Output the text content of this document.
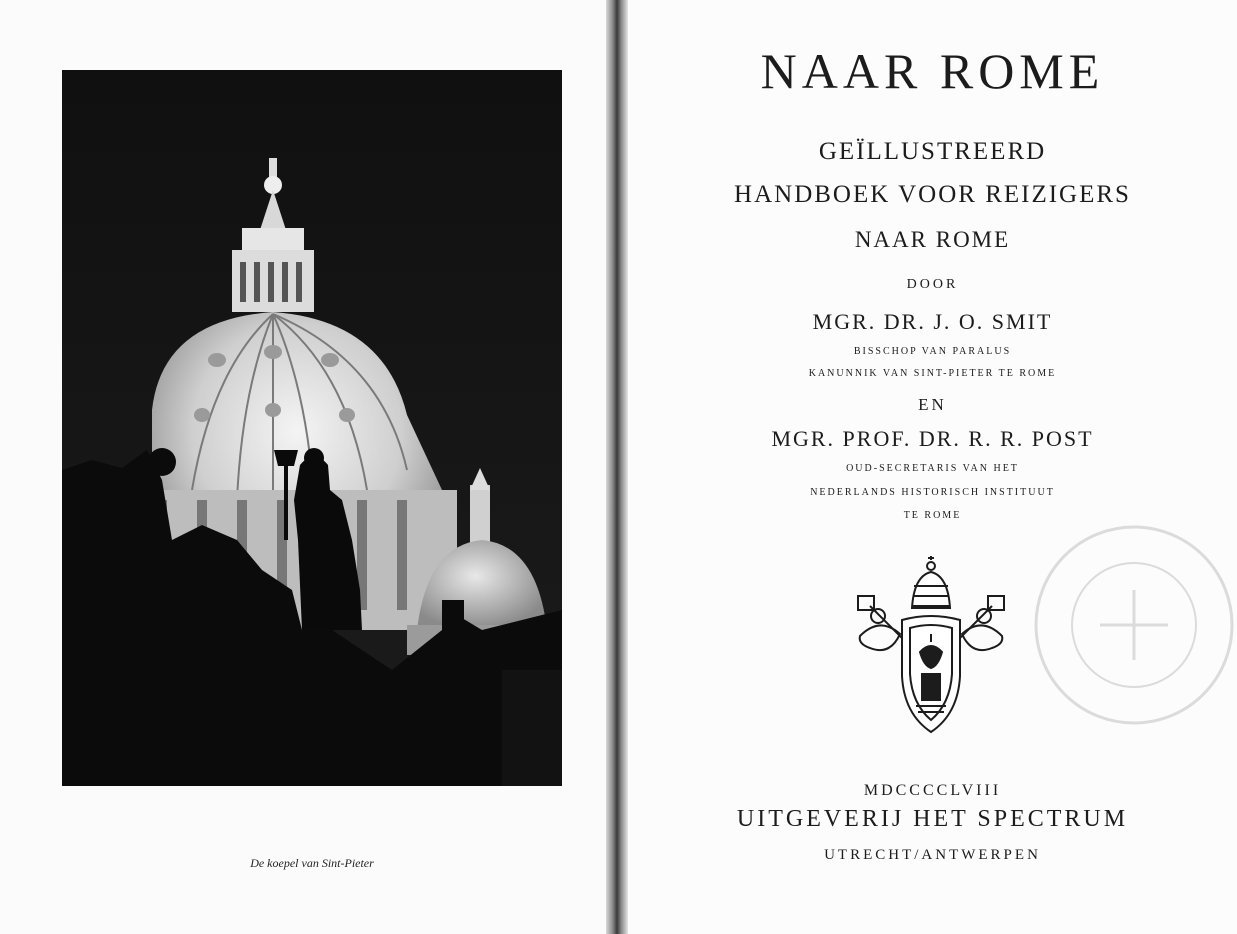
De koepel van Sint-Pieter
NAAR ROME
GEÏLLUSTREERD
HANDBOEK VOOR REIZIGERS
NAAR ROME
DOOR
MGR. DR. J. O. SMIT
BISSCHOP VAN PARALUS
KANUNNIK VAN SINT-PIETER TE ROME
EN
MGR. PROF. DR. R. R. POST
OUD-SECRETARIS VAN HET
NEDERLANDS HISTORISCH INSTITUUT
TE ROME
MDCCCCLVIII
UITGEVERIJ HET SPECTRUM
UTRECHT/ANTWERPEN
